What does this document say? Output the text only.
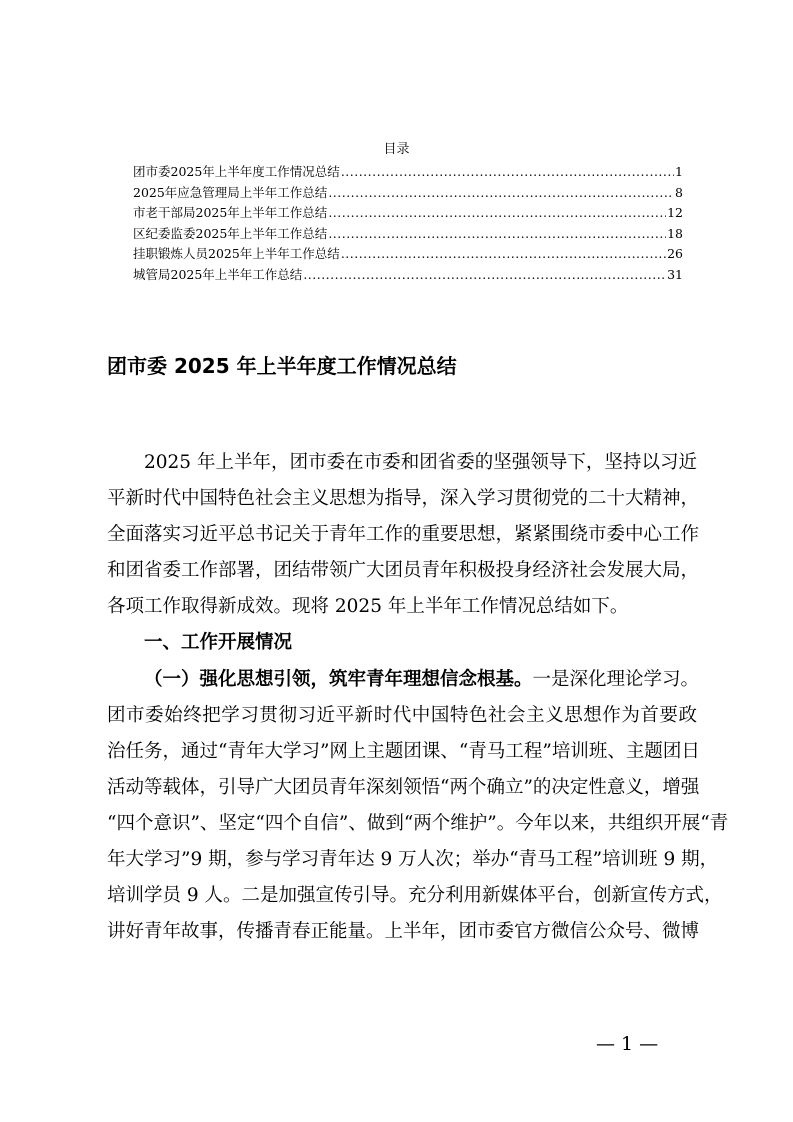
目录
团市委2025年上半年度工作情况总结 .....	1
2025年应急管理局上半年工作总结 .....	8
市老干部局2025年上半年工作总结 .....	12
区纪委监委2025年上半年工作总结 .....	18
挂职锻炼人员2025年上半年工作总结 .....	26
城管局2025年上半年工作总结 .....	31
团市委 2025 年上半年度工作情况总结
2025 年上半年，团市委在市委和团省委的坚强领导下，坚持以习近
平新时代中国特色社会主义思想为指导，深入学习贯彻党的二十大精神，
全面落实习近平总书记关于青年工作的重要思想，紧紧围绕市委中心工作
和团省委工作部署，团结带领广大团员青年积极投身经济社会发展大局，
各项工作取得新成效。现将 2025 年上半年工作情况总结如下。
一、工作开展情况
（一）强化思想引领，筑牢青年理想信念根基。一是深化理论学习。
团市委始终把学习贯彻习近平新时代中国特色社会主义思想作为首要政
治任务，通过“青年大学习”网上主题团课、“青马工程”培训班、主题团日
活动等载体，引导广大团员青年深刻领悟“两个确立”的决定性意义，增强
“四个意识”、坚定“四个自信”、做到“两个维护”。今年以来，共组织开展“青
年大学习”9 期，参与学习青年达 9 万人次；举办“青马工程”培训班 9 期，
培训学员 9 人。二是加强宣传引导。充分利用新媒体平台，创新宣传方式，
讲好青年故事，传播青春正能量。上半年，团市委官方微信公众号、微博
— 1 —
